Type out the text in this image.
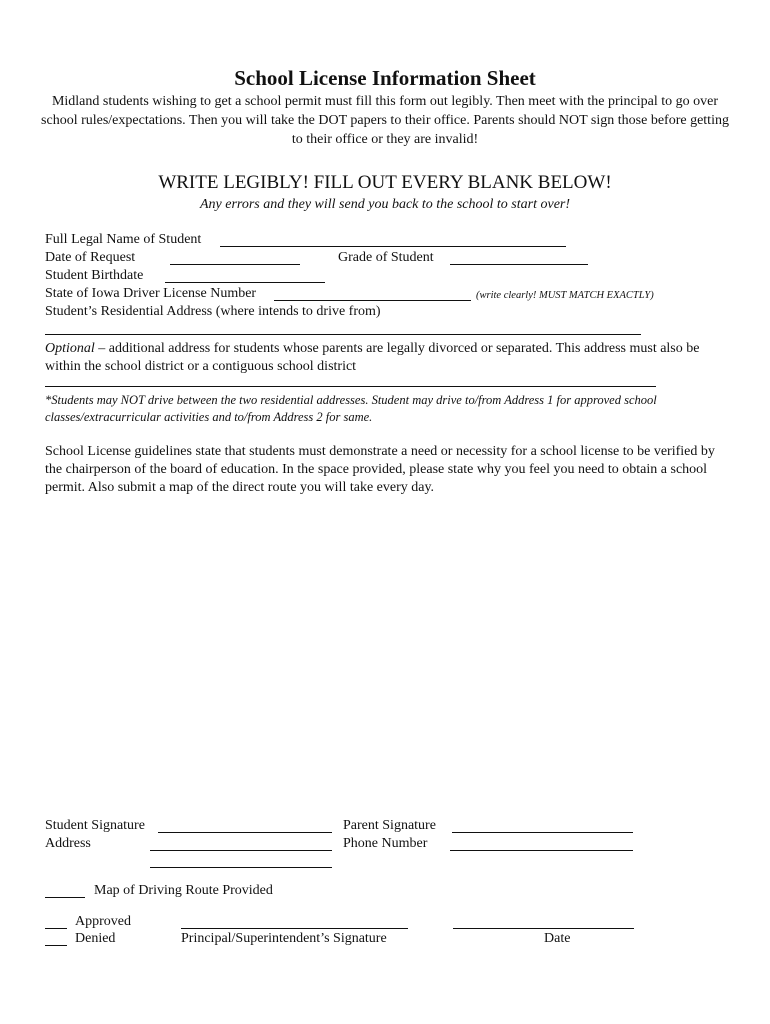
School License Information Sheet
Midland students wishing to get a school permit must fill this form out legibly. Then meet with the principal to go over school rules/expectations. Then you will take the DOT papers to their office. Parents should NOT sign those before getting to their office or they are invalid!
WRITE LEGIBLY! FILL OUT EVERY BLANK BELOW!
Any errors and they will send you back to the school to start over!
Full Legal Name of Student
Date of Request	Grade of Student
Student Birthdate
State of Iowa Driver License Number	(write clearly! MUST MATCH EXACTLY)
Student’s Residential Address (where intends to drive from)
Optional – additional address for students whose parents are legally divorced or separated. This address must also be within the school district or a contiguous school district
*Students may NOT drive between the two residential addresses. Student may drive to/from Address 1 for approved school classes/extracurricular activities and to/from Address 2 for same.
School License guidelines state that students must demonstrate a need or necessity for a school license to be verified by the chairperson of the board of education. In the space provided, please state why you feel you need to obtain a school permit. Also submit a map of the direct route you will take every day.
Student Signature	Parent Signature
Address	Phone Number
Map of Driving Route Provided
Approved
Denied	Principal/Superintendent’s Signature	Date
